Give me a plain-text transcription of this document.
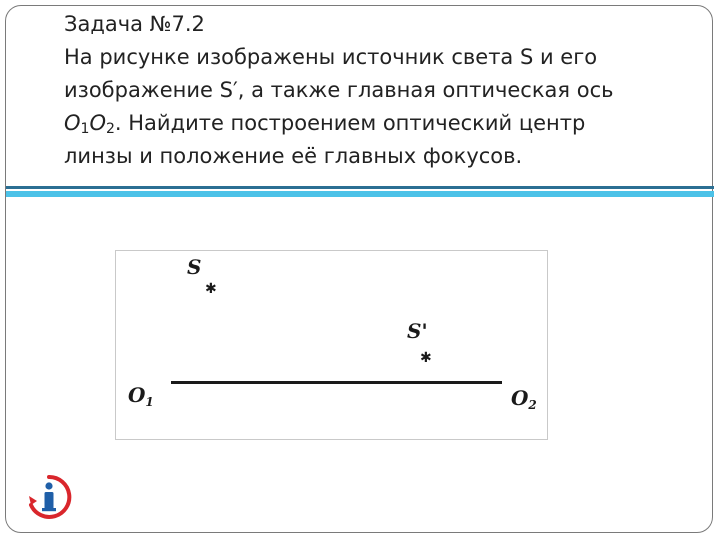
Задача №7.2
На рисунке изображены источник света S и его
изображение S′, а также главная оптическая ось
$O_1O_2$. Найдите построением оптический центр
линзы и положение её главных фокусов.
S
✱
S'
✱
$O_1$	$O_2$
